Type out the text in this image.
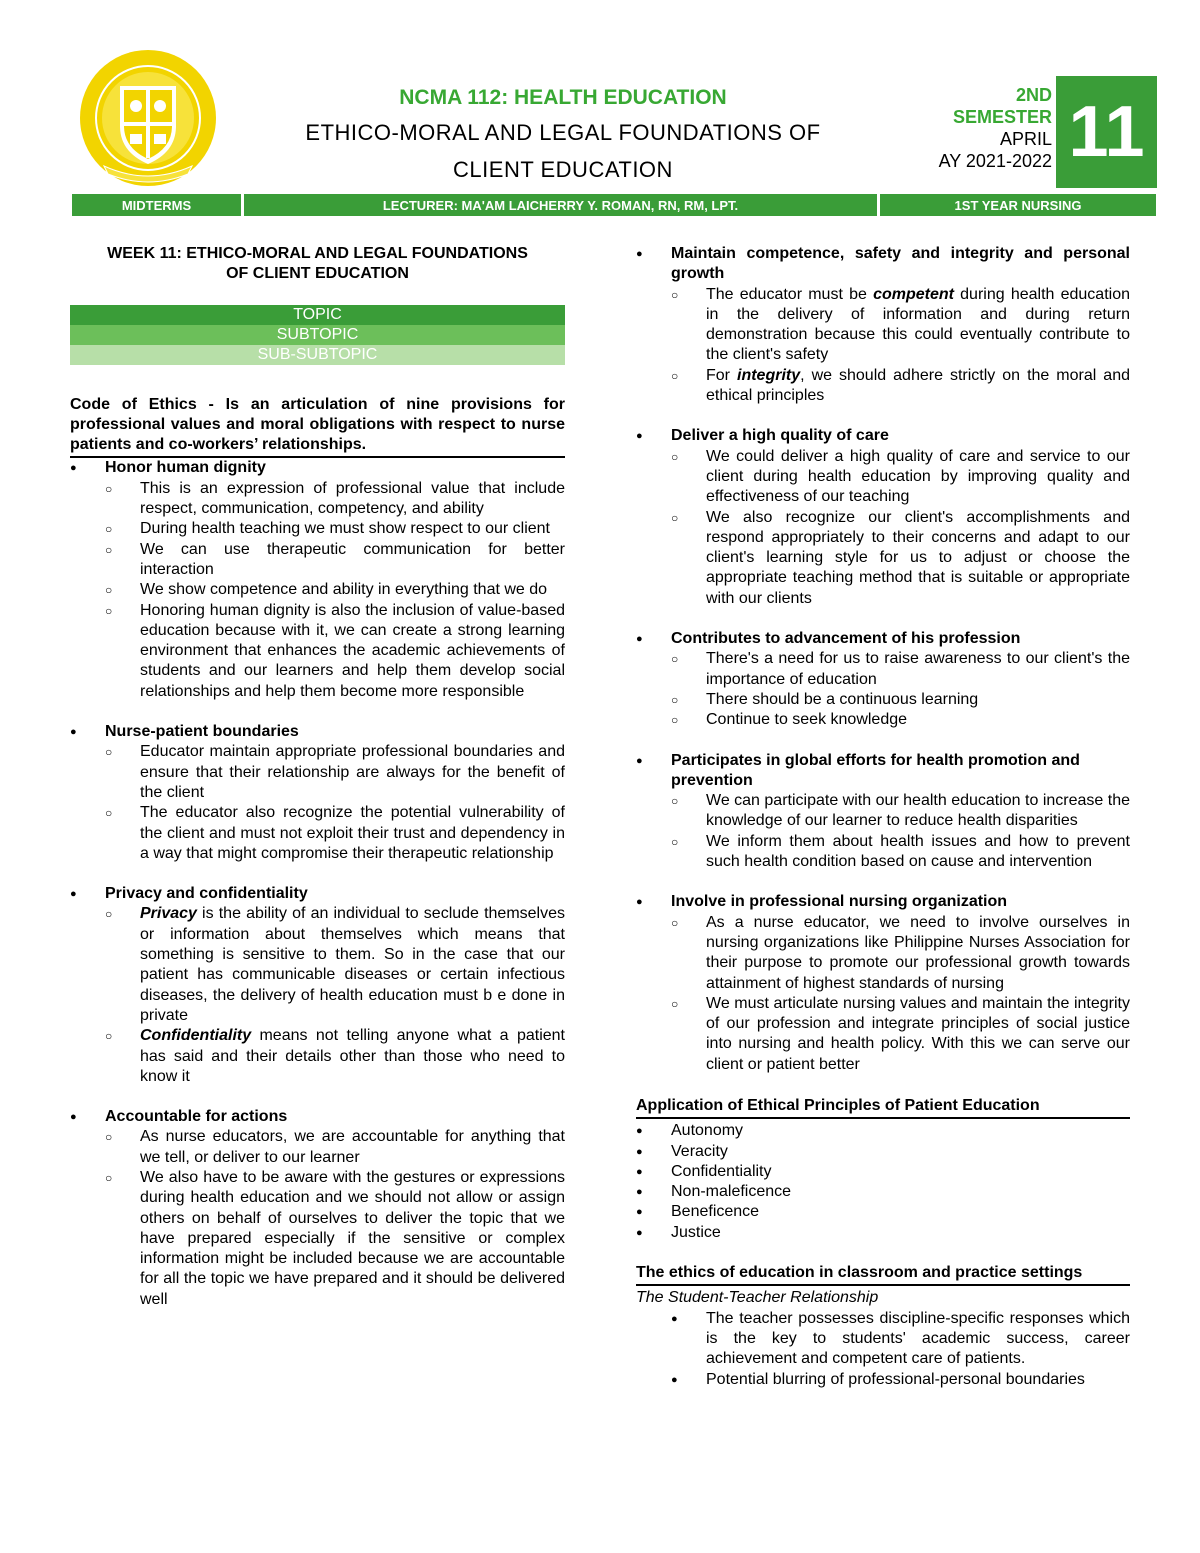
NCMA 112: HEALTH EDUCATION
ETHICO-MORAL AND LEGAL FOUNDATIONS OF
CLIENT EDUCATION
2ND
SEMESTER
APRIL
AY 2021-2022 11
MIDTERMS	LECTURER: MA'AM LAICHERRY Y. ROMAN, RN, RM, LPT.	1ST YEAR NURSING
WEEK 11: ETHICO-MORAL AND LEGAL FOUNDATIONS
OF CLIENT EDUCATION
TOPIC
SUBTOPIC
SUB-SUBTOPIC
Code of Ethics - Is an articulation of nine provisions for professional values and moral obligations with respect to nurse patients and co-workers’ relationships.
● Honor human dignity
○ This is an expression of professional value that include respect, communication, competency, and ability
○ During health teaching we must show respect to our client
○ We can use therapeutic communication for better interaction
○ We show competence and ability in everything that we do
○ Honoring human dignity is also the inclusion of value-based education because with it, we can create a strong learning environment that enhances the academic achievements of students and our learners and help them develop social relationships and help them become more responsible
● Nurse-patient boundaries
○ Educator maintain appropriate professional boundaries and ensure that their relationship are always for the benefit of the client
○ The educator also recognize the potential vulnerability of the client and must not exploit their trust and dependency in a way that might compromise their therapeutic relationship
● Privacy and confidentiality
○ Privacy is the ability of an individual to seclude themselves or information about themselves which means that something is sensitive to them. So in the case that our patient has communicable diseases or certain infectious diseases, the delivery of health education must b e done in private
○ Confidentiality means not telling anyone what a patient has said and their details other than those who need to know it
● Accountable for actions
○ As nurse educators, we are accountable for anything that we tell, or deliver to our learner
○ We also have to be aware with the gestures or expressions during health education and we should not allow or assign others on behalf of ourselves to deliver the topic that we have prepared especially if the sensitive or complex information might be included because we are accountable for all the topic we have prepared and it should be delivered well
● Maintain competence, safety and integrity and personal growth
○ The educator must be competent during health education in the delivery of information and during return demonstration because this could eventually contribute to the client's safety
○ For integrity, we should adhere strictly on the moral and ethical principles
● Deliver a high quality of care
○ We could deliver a high quality of care and service to our client during health education by improving quality and effectiveness of our teaching
○ We also recognize our client's accomplishments and respond appropriately to their concerns and adapt to our client's learning style for us to adjust or choose the appropriate teaching method that is suitable or appropriate with our clients
● Contributes to advancement of his profession
○ There's a need for us to raise awareness to our client's the importance of education
○ There should be a continuous learning
○ Continue to seek knowledge
● Participates in global efforts for health promotion and prevention
○ We can participate with our health education to increase the knowledge of our learner to reduce health disparities
○ We inform them about health issues and how to prevent such health condition based on cause and intervention
● Involve in professional nursing organization
○ As a nurse educator, we need to involve ourselves in nursing organizations like Philippine Nurses Association for their purpose to promote our professional growth towards attainment of highest standards of nursing
○ We must articulate nursing values and maintain the integrity of our profession and integrate principles of social justice into nursing and health policy. With this we can serve our client or patient better
Application of Ethical Principles of Patient Education
● Autonomy
● Veracity
● Confidentiality
● Non-maleficence
● Beneficence
● Justice
The ethics of education in classroom and practice settings
The Student-Teacher Relationship
● The teacher possesses discipline-specific responses which is the key to students' academic success, career achievement and competent care of patients.
● Potential blurring of professional-personal boundaries
